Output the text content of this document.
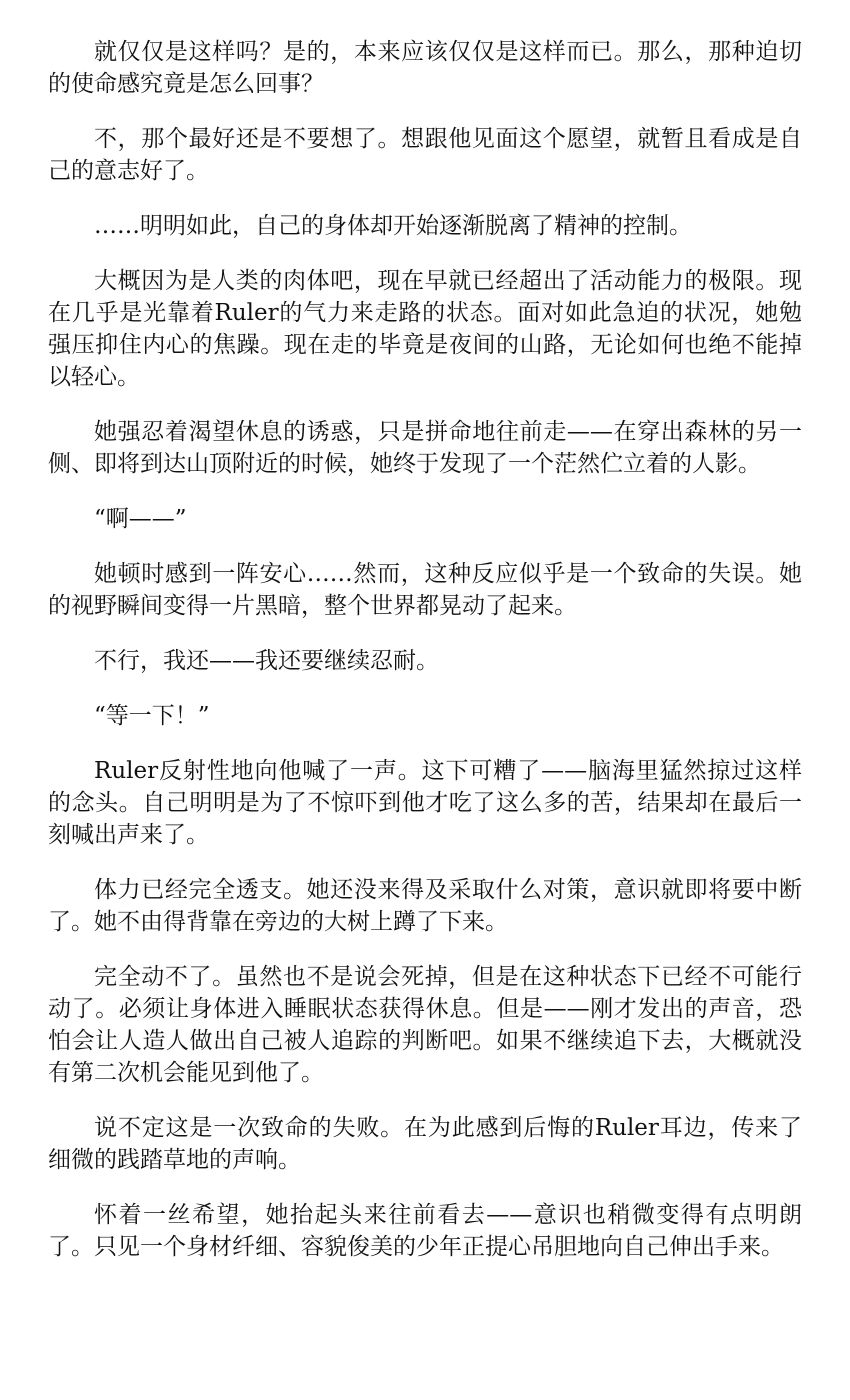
就仅仅是这样吗？是的，本来应该仅仅是这样而已。那么，那种迫切的使命感究竟是怎么回事？

不，那个最好还是不要想了。想跟他见面这个愿望，就暂且看成是自己的意志好了。

……明明如此，自己的身体却开始逐渐脱离了精神的控制。

大概因为是人类的肉体吧，现在早就已经超出了活动能力的极限。现在几乎是光靠着Ruler的气力来走路的状态。面对如此急迫的状况，她勉强压抑住内心的焦躁。现在走的毕竟是夜间的山路，无论如何也绝不能掉以轻心。

她强忍着渴望休息的诱惑，只是拼命地往前走——在穿出森林的另一侧、即将到达山顶附近的时候，她终于发现了一个茫然伫立着的人影。

“啊——”

她顿时感到一阵安心……然而，这种反应似乎是一个致命的失误。她的视野瞬间变得一片黑暗，整个世界都晃动了起来。

不行，我还——我还要继续忍耐。

“等一下！”

Ruler反射性地向他喊了一声。这下可糟了——脑海里猛然掠过这样的念头。自己明明是为了不惊吓到他才吃了这么多的苦，结果却在最后一刻喊出声来了。

体力已经完全透支。她还没来得及采取什么对策，意识就即将要中断了。她不由得背靠在旁边的大树上蹲了下来。

完全动不了。虽然也不是说会死掉，但是在这种状态下已经不可能行动了。必须让身体进入睡眠状态获得休息。但是——刚才发出的声音，恐怕会让人造人做出自己被人追踪的判断吧。如果不继续追下去，大概就没有第二次机会能见到他了。

说不定这是一次致命的失败。在为此感到后悔的Ruler耳边，传来了细微的践踏草地的声响。

怀着一丝希望，她抬起头来往前看去——意识也稍微变得有点明朗了。只见一个身材纤细、容貌俊美的少年正提心吊胆地向自己伸出手来。
